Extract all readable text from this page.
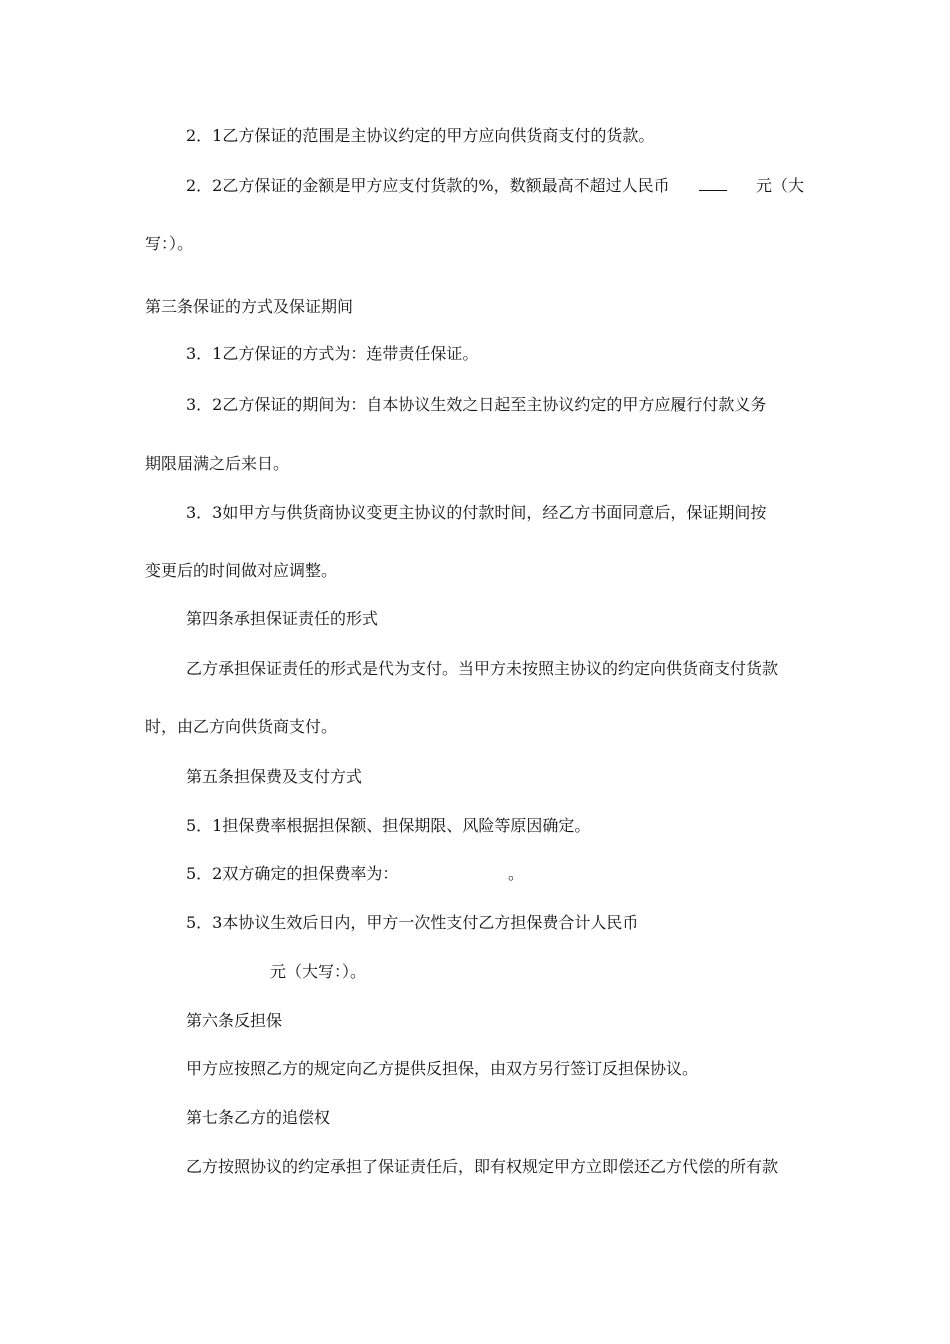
2．1乙方保证的范围是主协议约定的甲方应向供货商支付的货款。
2．2乙方保证的金额是甲方应支付货款的%，数额最高不超过人民币	元（大
写：）。
第三条保证的方式及保证期间
3．1乙方保证的方式为：连带责任保证。
3．2乙方保证的期间为：自本协议生效之日起至主协议约定的甲方应履行付款义务
期限届满之后来日。
3．3如甲方与供货商协议变更主协议的付款时间，经乙方书面同意后，保证期间按
变更后的时间做对应调整。
第四条承担保证责任的形式
乙方承担保证责任的形式是代为支付。当甲方未按照主协议的约定向供货商支付货款
时，由乙方向供货商支付。
第五条担保费及支付方式
5．1担保费率根据担保额、担保期限、风险等原因确定。
5．2双方确定的担保费率为：	。
5．3本协议生效后日内，甲方一次性支付乙方担保费合计人民币
元（大写：）。
第六条反担保
甲方应按照乙方的规定向乙方提供反担保，由双方另行签订反担保协议。
第七条乙方的追偿权
乙方按照协议的约定承担了保证责任后，即有权规定甲方立即偿还乙方代偿的所有款
